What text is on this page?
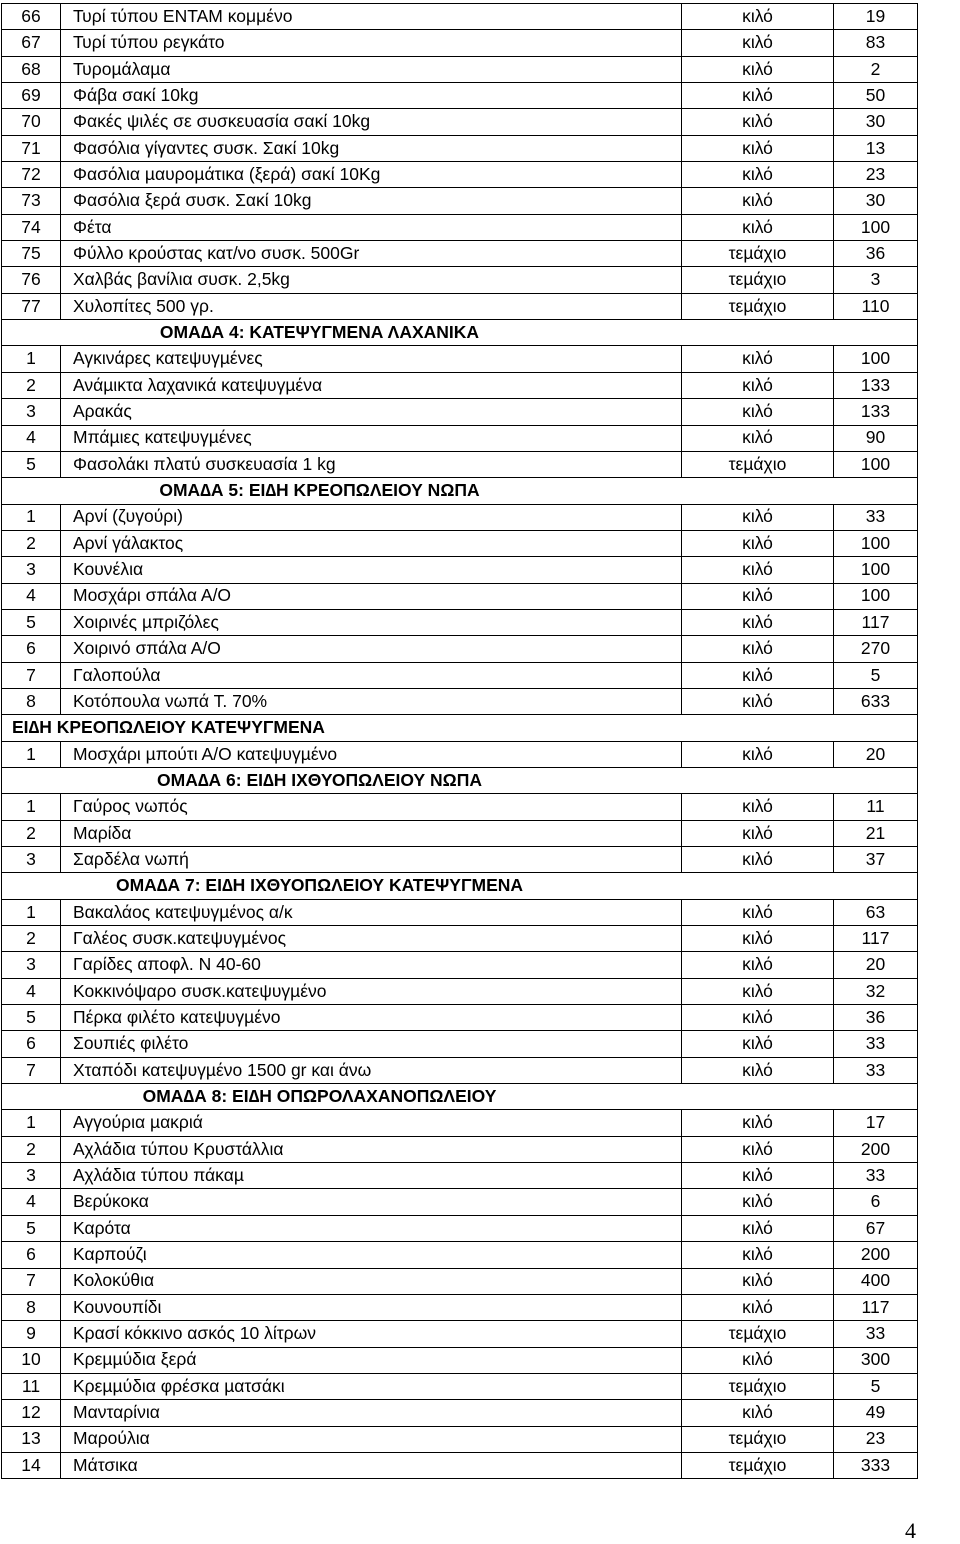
66	Τυρί τύπου ΕΝΤΑΜ κομμένο	κιλό	19
67	Τυρί τύπου ρεγκάτο	κιλό	83
68	Τυροµάλαµα	κιλό	2
69	Φάβα σακί 10kg	κιλό	50
70	Φακές ψιλές σε συσκευασία σακί 10kg	κιλό	30
71	Φασόλια γίγαντες συσκ. Σακί 10kg	κιλό	13
72	Φασόλια µαυροµάτικα (ξερά) σακί 10Kg	κιλό	23
73	Φασόλια ξερά συσκ. Σακί 10kg	κιλό	30
74	Φέτα	κιλό	100
75	Φύλλο κρούστας κατ/νο συσκ. 500Gr	τεµάχιο	36
76	Χαλβάς βανίλια συσκ. 2,5kg	τεµάχιο	3
77	Χυλοπίτες 500 γρ.	τεµάχιο	110
ΟΜΑ∆Α 4: ΚΑΤΕΨΥΓΜΕΝΑ ΛΑΧΑΝΙΚΑ			
1	Αγκινάρες κατεψυγµένες	κιλό	100
2	Ανάµικτα λαχανικά κατεψυγµένα	κιλό	133
3	Αρακάς	κιλό	133
4	Μπάµιες κατεψυγµένες	κιλό	90
5	Φασολάκι πλατύ συσκευασία 1 kg	τεµάχιο	100
ΟΜΑ∆Α 5: ΕΙ∆Η ΚΡΕΟΠΩΛΕΙΟΥ ΝΩΠΑ			
1	Αρνί (ζυγούρι)	κιλό	33
2	Αρνί γάλακτος	κιλό	100
3	Κουνέλια	κιλό	100
4	Μοσχάρι σπάλα Α/Ο	κιλό	100
5	Χοιρινές µπριζόλες	κιλό	117
6	Χοιρινό σπάλα Α/Ο	κιλό	270
7	Γαλοπούλα	κιλό	5
8	Κοτόπουλα νωπά Τ. 70%	κιλό	633
ΕΙ∆Η ΚΡΕΟΠΩΛΕΙΟΥ ΚΑΤΕΨΥΓΜΕΝΑ			
1	Μοσχάρι µπούτι Α/Ο κατεψυγµένο	κιλό	20
ΟΜΑ∆Α 6: ΕΙ∆Η ΙΧΘΥΟΠΩΛΕΙΟΥ ΝΩΠΑ			
1	Γαύρος νωπός	κιλό	11
2	Μαρίδα	κιλό	21
3	Σαρδέλα νωπή	κιλό	37
ΟΜΑ∆Α 7: ΕΙ∆Η ΙΧΘΥΟΠΩΛΕΙΟΥ ΚΑΤΕΨΥΓΜΕΝΑ			
1	Βακαλάος κατεψυγµένος α/κ	κιλό	63
2	Γαλέος συσκ.κατεψυγµένος	κιλό	117
3	Γαρίδες αποφλ. Ν 40-60	κιλό	20
4	Κοκκινόψαρο συσκ.κατεψυγµένο	κιλό	32
5	Πέρκα φιλέτο κατεψυγµένο	κιλό	36
6	Σουπιές φιλέτο	κιλό	33
7	Χταπόδι κατεψυγµένο 1500 gr και άνω	κιλό	33
ΟΜΑ∆Α 8: ΕΙ∆Η ΟΠΩΡΟΛΑΧΑΝΟΠΩΛΕΙΟΥ			
1	Αγγούρια µακριά	κιλό	17
2	Αχλάδια τύπου Κρυστάλλια	κιλό	200
3	Αχλάδια τύπου πάκαµ	κιλό	33
4	Βερύκοκα	κιλό	6
5	Καρότα	κιλό	67
6	Καρπούζι	κιλό	200
7	Κολοκύθια	κιλό	400
8	Κουνουπίδι	κιλό	117
9	Κρασί κόκκινο ασκός 10 λίτρων	τεµάχιο	33
10	Κρεµµύδια ξερά	κιλό	300
11	Κρεµµύδια φρέσκα µατσάκι	τεµάχιο	5
12	Μανταρίνια	κιλό	49
13	Μαρούλια	τεµάχιο	23
14	Μάτσικα	τεµάχιο	333
4
